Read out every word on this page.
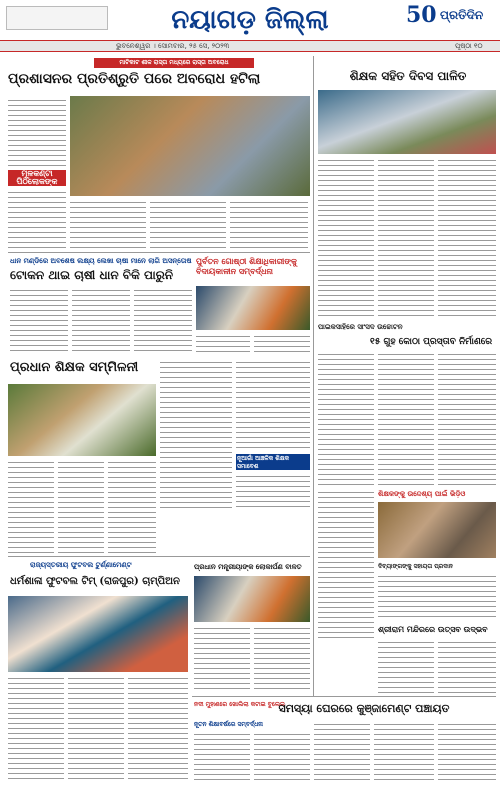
ନୟାଗଡ଼ ଜିଲ୍ଲା	50 ପ୍ରତିଦିନ
ଭୁବନେଶ୍ୱର । ସୋମବାର, ୨୫ ସେ, ୨୦୨୩	ପୃଷ୍ଠା ୧୦
ମାଟିକାଟ ଶୀଳ ରାସ୍ତା ମଧ୍ୟରେ ରାସ୍ତା ଅବରୋଧ
ପ୍ରଶାସନର ପ୍ରତିଶ୍ରୁତି ପରେ ଅବରୋଧ ହଟିଲା
ମୂଳକଣ୍ଟା ପିଠିଲୋକଙ୍କ
ଶିକ୍ଷକ ସହିତ ଦିବସ ପାଳିତ
ଧାନ ମଣ୍ଡିରେ ଅବଶେଷ ଲକ୍ଷ୍ୟ ଲେଖା ଚାଷୀ ମାନେ ଲାଗି ଅସନ୍ତୋଷ
ଟୋକନ ଥାଇ ଚାଷୀ ଧାନ ବିକି ପାରୁନି
ପୁର୍ବତନ ଗୋଷ୍ଠୀ ଶିକ୍ଷାଧିକାରୀଙ୍କୁ ବିଦାୟକାଳୀନ ସମ୍ବର୍ଦ୍ଧନା
ପ୍ରଧାନ ଶିକ୍ଷକ ସମ୍ମିଳନୀ
ନୂଆଗାଁ ଆଞ୍ଚଳିକ ଶିକ୍ଷକ ସମାବେଶ
ପାଇକସାହିରେ ସାଂସଦ ଉଚ୍ଚୋଟନ
୧୫ ଗୁହ କୋଠା ପ୍ରସ୍ତାବ ନିର୍ମାଣରେ
ଶିକ୍ଷକଙ୍କୁ ଉଦ୍ଦେଶ୍ୟ ପାଇଁ ଭିଡ଼ିଓ
ରାଜ୍ୟସ୍ତରୀୟ ଫୁଟବଲ ଟୁର୍ଣ୍ଣାମେଣ୍ଟ
ଧର୍ମଶାଳା ଫୁଟବଲ ଟିମ୍ (ରାଜପୁର) ଚାମ୍ପିଅନ
ପ୍ରଧାନ ମନ୍ତ୍ରୀୟାଙ୍କ ଲୋକାର୍ପଣ ବାଳତ	ଦିବ୍ୟାଙ୍ଗଙ୍କୁ ସହାୟତା ପ୍ରଦାନ
ଶ୍ରୀରାମ ମନ୍ଦିରରେ ଉତ୍ସବ ଉଦ୍ଭବ
ନଦୀ ମୁହାଣରେ ଖୋଲିଲା କଟାଇ ବୁଲେଇ
ସମସ୍ୟା ଘେରରେ କୁଞ୍ଜାମେଣ୍ଟ ପଞ୍ଚାୟତ
ନୂତନ ଶିକ୍ଷାବର୍ଷରେ ସମ୍ବର୍ଦ୍ଧନା
